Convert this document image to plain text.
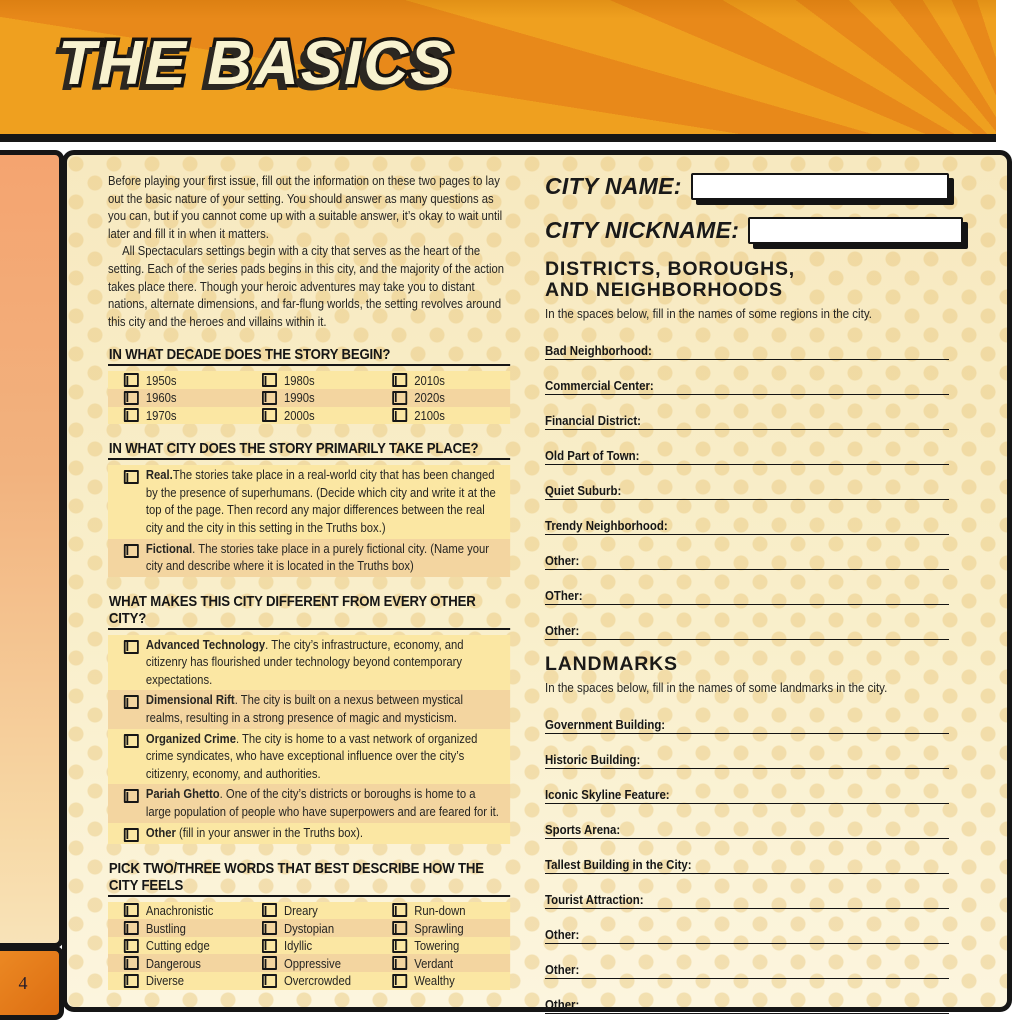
THE BASICS
4

Before playing your first issue, fill out the information on these two pages to lay out the basic nature of your setting. You should answer as many questions as you can, but if you cannot come up with a suitable answer, it’s okay to wait until later and fill it in when it matters.

All Spectaculars settings begin with a city that serves as the heart of the setting. Each of the series pads begins in this city, and the majority of the action takes place there. Though your heroic adventures may take you to distant nations, alternate dimensions, and far-flung worlds, the setting revolves around this city and the heroes and villains within it.

IN WHAT DECADE DOES THE STORY BEGIN?
1950s	1980s	2010s
1960s	1990s	2020s
1970s	2000s	2100s
IN WHAT CITY DOES THE STORY PRIMARILY TAKE PLACE?
Real.The stories take place in a real-world city that has been changed by the presence of superhumans. (Decide which city and write it at the top of the page. Then record any major differences between the real city and the city in this setting in the Truths box.)
Fictional. The stories take place in a purely fictional city. (Name your city and describe where it is located in the Truths box)
WHAT MAKES THIS CITY DIFFERENT FROM EVERY OTHER CITY?
Advanced Technology. The city’s infrastructure, economy, and citizenry has flourished under technology beyond contemporary expectations.
Dimensional Rift. The city is built on a nexus between mystical realms, resulting in a strong presence of magic and mysticism.
Organized Crime. The city is home to a vast network of organized crime syndicates, who have exceptional influence over the city’s citizenry, economy, and authorities.
Pariah Ghetto. One of the city’s districts or boroughs is home to a large population of people who have superpowers and are feared for it.
Other (fill in your answer in the Truths box).
PICK TWO/THREE WORDS THAT BEST DESCRIBE HOW THE CITY FEELS
Anachronistic	Dreary	Run-down
Bustling	Dystopian	Sprawling
Cutting edge	Idyllic	Towering
Dangerous	Oppressive	Verdant
Diverse	Overcrowded	Wealthy
CITY NAME:
CITY NICKNAME:
DISTRICTS, BOROUGHS,
AND NEIGHBORHOODS
In the spaces below, fill in the names of some regions in the city.
Bad Neighborhood:
Commercial Center:
Financial District:
Old Part of Town:
Quiet Suburb:
Trendy Neighborhood:
Other:
OTher:
Other:
LANDMARKS
In the spaces below, fill in the names of some landmarks in the city.
Government Building:
Historic Building:
Iconic Skyline Feature:
Sports Arena:
Tallest Building in the City:
Tourist Attraction:
Other:
Other:
Other:
